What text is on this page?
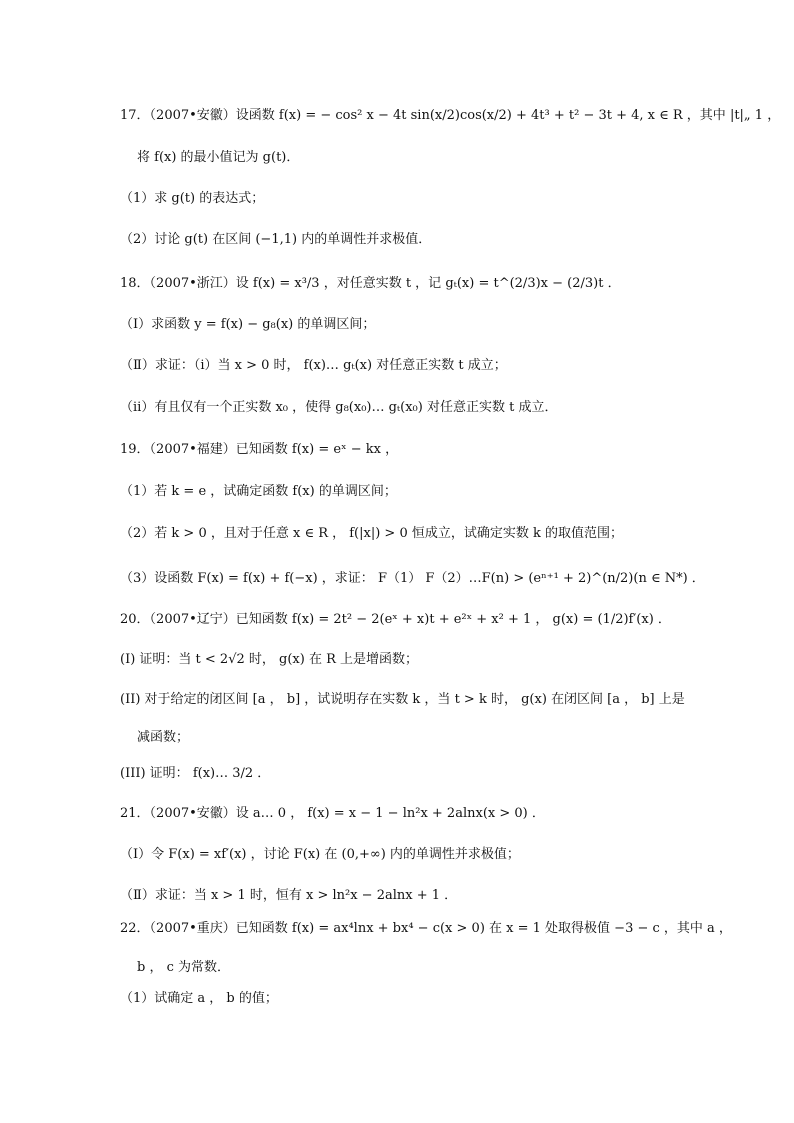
17．（2007•安徽）设函数 f(x) = − cos² x − 4t sin(x/2)cos(x/2) + 4t³ + t² − 3t + 4, x ∈ R ，其中 |t|„ 1 ，
将 f(x) 的最小值记为 g(t)．
（1）求 g(t) 的表达式；
（2）讨论 g(t) 在区间 (−1,1) 内的单调性并求极值．
18．（2007•浙江）设 f(x) = x³/3 ，对任意实数 t ，记 gₜ(x) = t^(2/3)x − (2/3)t ．
（Ⅰ）求函数 y = f(x) − g₈(x) 的单调区间；
（Ⅱ）求证：（ⅰ）当 x > 0 时， f(x)… gₜ(x) 对任意正实数 t 成立；
（ⅱ）有且仅有一个正实数 x₀ ，使得 g₈(x₀)… gₜ(x₀) 对任意正实数 t 成立．
19．（2007•福建）已知函数 f(x) = eˣ − kx ，
（1）若 k = e ，试确定函数 f(x) 的单调区间；
（2）若 k > 0 ，且对于任意 x ∈ R ， f(|x|) > 0 恒成立，试确定实数 k 的取值范围；
（3）设函数 F(x) = f(x) + f(−x) ，求证： F（1） F（2）…F(n) > (eⁿ⁺¹ + 2)^(n/2)(n ∈ N*) ．
20．（2007•辽宁）已知函数 f(x) = 2t² − 2(eˣ + x)t + e²ˣ + x² + 1 ， g(x) = (1/2)f′(x) ．
(I) 证明：当 t < 2√2 时， g(x) 在 R 上是增函数；
(II) 对于给定的闭区间 [a ， b] ，试说明存在实数 k ，当 t > k 时， g(x) 在闭区间 [a ， b] 上是
减函数；
(III) 证明： f(x)… 3/2 ．
21．（2007•安徽）设 a… 0 ， f(x) = x − 1 − ln²x + 2alnx(x > 0) ．
（Ⅰ）令 F(x) = xf′(x) ，讨论 F(x) 在 (0,+∞) 内的单调性并求极值；
（Ⅱ）求证：当 x > 1 时，恒有 x > ln²x − 2alnx + 1 ．
22．（2007•重庆）已知函数 f(x) = ax⁴lnx + bx⁴ − c(x > 0) 在 x = 1 处取得极值 −3 − c ，其中 a ，
b ， c 为常数．
（1）试确定 a ， b 的值；
